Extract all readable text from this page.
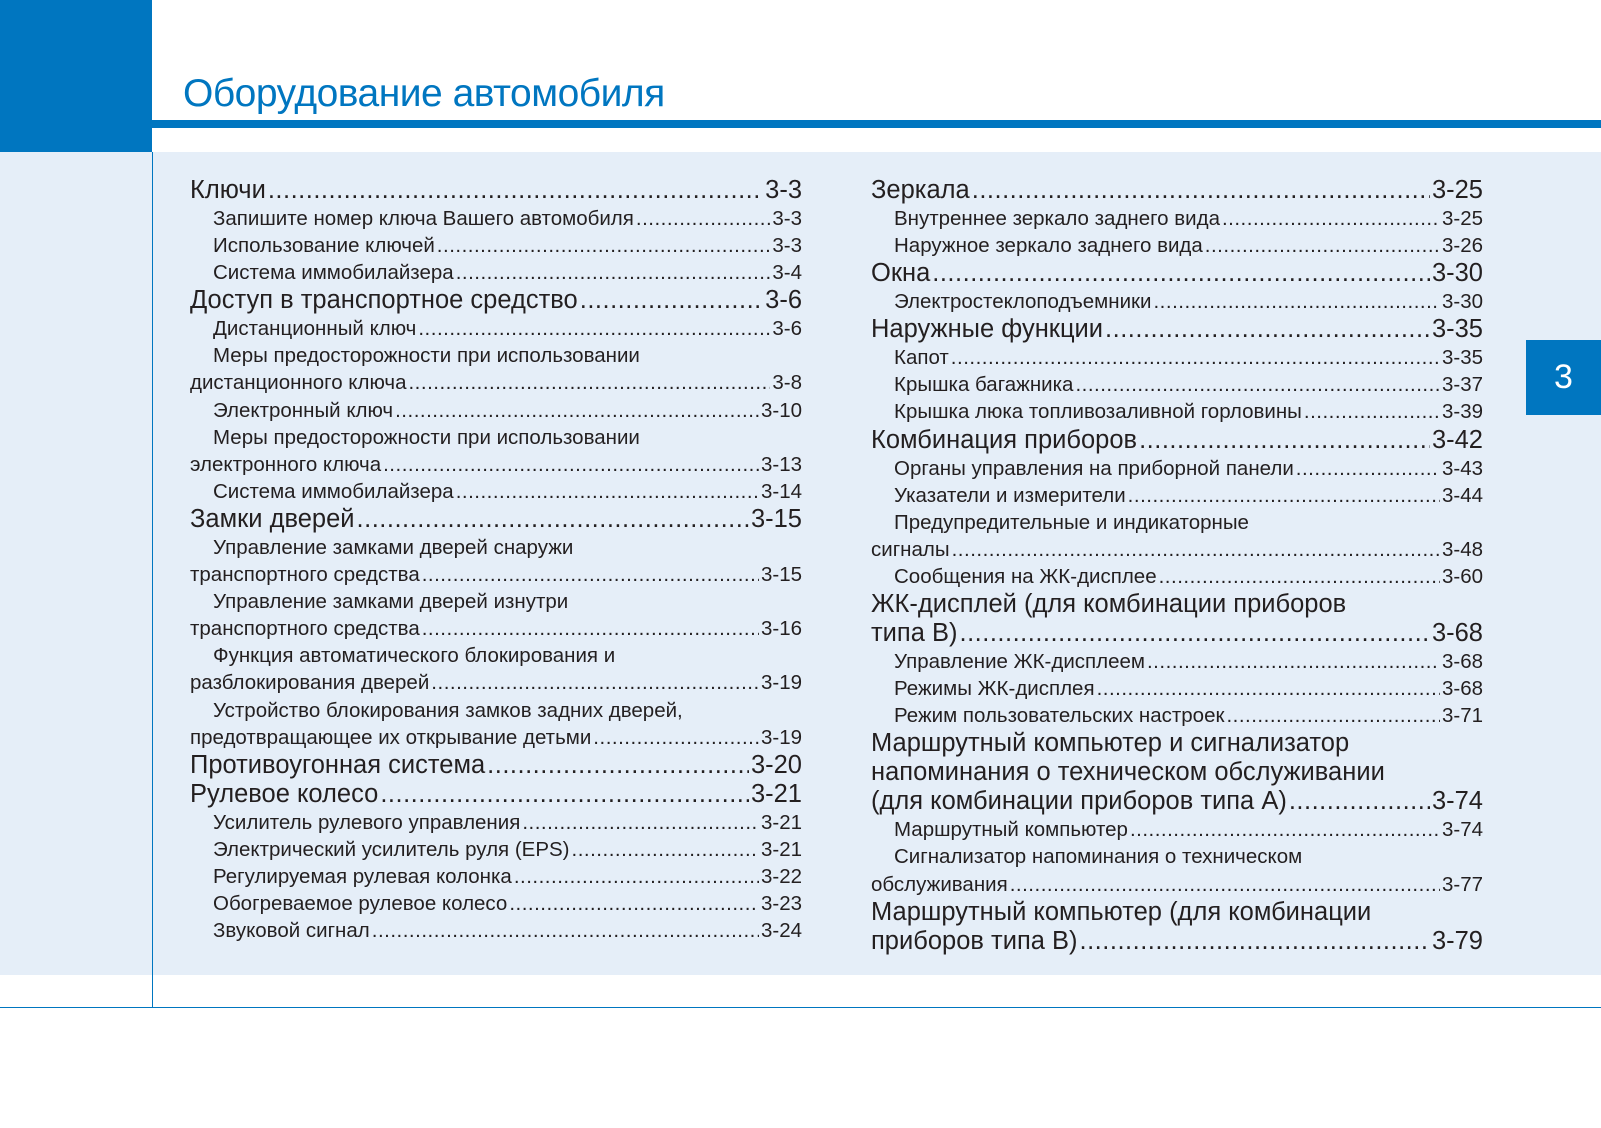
Оборудование автомобиля
3
Ключи .....	3-3
Запишите номер ключа Вашего автомобиля .....	3-3
Использование ключей .....	3-3
Система иммобилайзера .....	3-4
Доступ в транспортное средство .....	3-6
Дистанционный ключ .....	3-6
Меры предосторожности при использовании
дистанционного ключа .....	3-8
Электронный ключ .....	3-10
Меры предосторожности при использовании
электронного ключа .....	3-13
Система иммобилайзера .....	3-14
Замки дверей .....	3-15
Управление замками дверей снаружи
транспортного средства .....	3-15
Управление замками дверей изнутри
транспортного средства .....	3-16
Функция автоматического блокирования и
разблокирования дверей .....	3-19
Устройство блокирования замков задних дверей,
предотвращающее их открывание детьми .....	3-19
Противоугонная система .....	3-20
Рулевое колесо .....	3-21
Усилитель рулевого управления .....	3-21
Электрический усилитель руля (EPS) .....	3-21
Регулируемая рулевая колонка .....	3-22
Обогреваемое рулевое колесо .....	3-23
Звуковой сигнал .....	3-24
Зеркала .....	3-25
Внутреннее зеркало заднего вида .....	3-25
Наружное зеркало заднего вида .....	3-26
Окна .....	3-30
Электростеклоподъемники .....	3-30
Наружные функции .....	3-35
Капот .....	3-35
Крышка багажника .....	3-37
Крышка люка топливозаливной горловины .....	3-39
Комбинация приборов .....	3-42
Органы управления на приборной панели .....	3-43
Указатели и измерители .....	3-44
Предупредительные и индикаторные
сигналы .....	3-48
Сообщения на ЖК-дисплее .....	3-60
ЖК-дисплей (для комбинации приборов
типа B) .....	3-68
Управление ЖК-дисплеем .....	3-68
Режимы ЖК-дисплея .....	3-68
Режим пользовательских настроек .....	3-71
Маршрутный компьютер и сигнализатор
напоминания о техническом обслуживании
(для комбинации приборов типа A) .....	3-74
Маршрутный компьютер .....	3-74
Сигнализатор напоминания о техническом
обслуживания .....	3-77
Маршрутный компьютер (для комбинации
приборов типа B) .....	3-79
